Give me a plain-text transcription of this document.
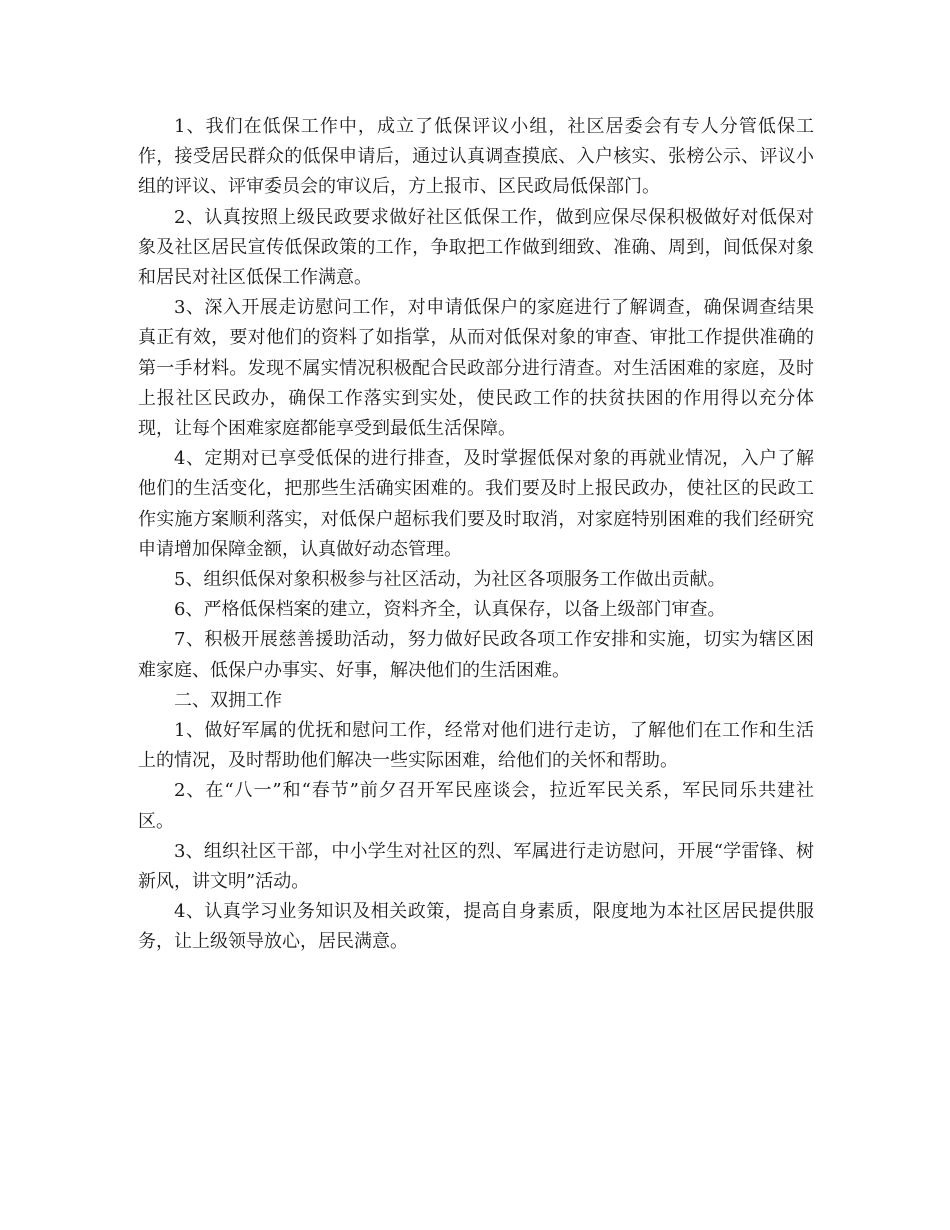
1、我们在低保工作中，成立了低保评议小组，社区居委会有专人分管低保工作，接受居民群众的低保申请后，通过认真调查摸底、入户核实、张榜公示、评议小组的评议、评审委员会的审议后，方上报市、区民政局低保部门。

2、认真按照上级民政要求做好社区低保工作，做到应保尽保积极做好对低保对象及社区居民宣传低保政策的工作，争取把工作做到细致、准确、周到，间低保对象和居民对社区低保工作满意。

3、深入开展走访慰问工作，对申请低保户的家庭进行了解调查，确保调查结果真正有效，要对他们的资料了如指掌，从而对低保对象的审查、审批工作提供准确的第一手材料。发现不属实情况积极配合民政部分进行清查。对生活困难的家庭，及时上报社区民政办，确保工作落实到实处，使民政工作的扶贫扶困的作用得以充分体现，让每个困难家庭都能享受到最低生活保障。

4、定期对已享受低保的进行排查，及时掌握低保对象的再就业情况，入户了解他们的生活变化，把那些生活确实困难的。我们要及时上报民政办，使社区的民政工作实施方案顺利落实，对低保户超标我们要及时取消，对家庭特别困难的我们经研究申请增加保障金额，认真做好动态管理。

5、组织低保对象积极参与社区活动，为社区各项服务工作做出贡献。

6、严格低保档案的建立，资料齐全，认真保存，以备上级部门审查。

7、积极开展慈善援助活动，努力做好民政各项工作安排和实施，切实为辖区困难家庭、低保户办事实、好事，解决他们的生活困难。

二、双拥工作

1、做好军属的优抚和慰问工作，经常对他们进行走访，了解他们在工作和生活上的情况，及时帮助他们解决一些实际困难，给他们的关怀和帮助。

2、在“八一”和“春节”前夕召开军民座谈会，拉近军民关系，军民同乐共建社区。

3、组织社区干部，中小学生对社区的烈、军属进行走访慰问，开展“学雷锋、树新风，讲文明”活动。

4、认真学习业务知识及相关政策，提高自身素质，限度地为本社区居民提供服务，让上级领导放心，居民满意。
